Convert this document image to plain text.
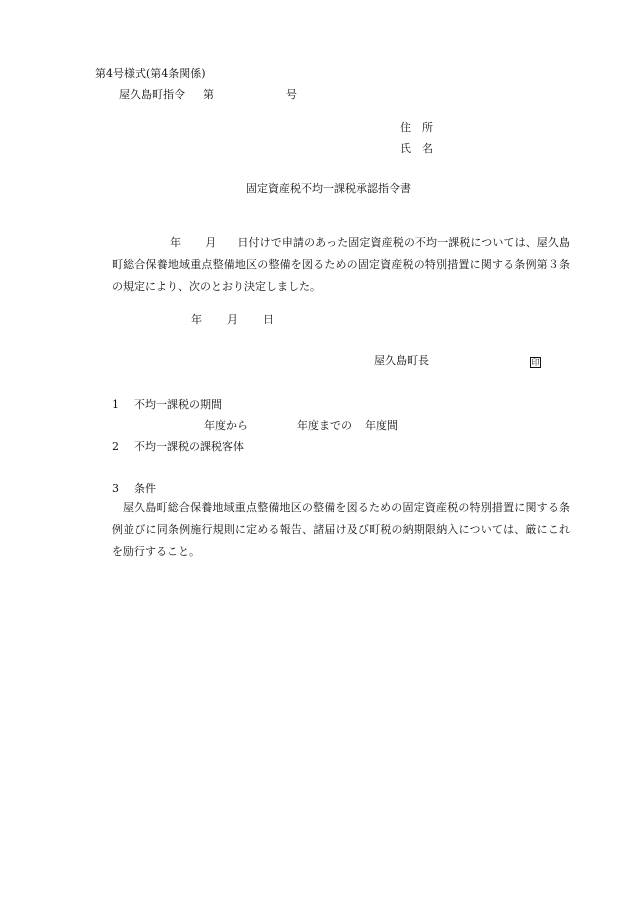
第4号様式(第4条関係)
屋久島町指令 第	号
住　所
氏　名
固定資産税不均一課税承認指令書
年 月 日付けで申請のあった固定資産税の不均一課税については、屋久島町総合保養地域重点整備地区の整備を図るための固定資産税の特別措置に関する条例第３条の規定により、次のとおり決定しました。
年 月 日
屋久島町長	印
1 不均一課税の期間
年度から	年度までの 年度間
2 不均一課税の課税客体
3 条件
屋久島町総合保養地域重点整備地区の整備を図るための固定資産税の特別措置に関する条例並びに同条例施行規則に定める報告、諸届け及び町税の納期限納入については、厳にこれを励行すること。
